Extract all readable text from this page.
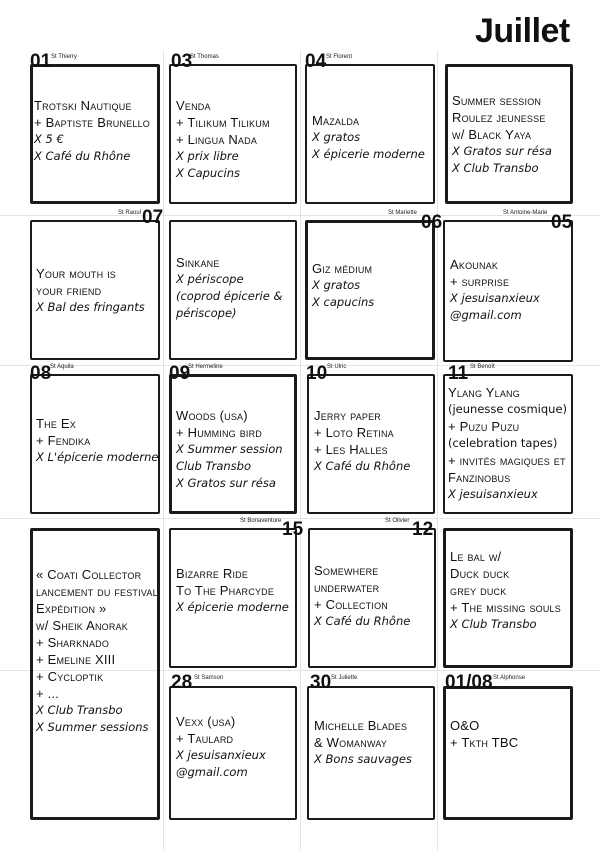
Juillet
01 St Thierry
Trotski Nautique
+ Baptiste Brunello
X 5 €
X Café du Rhône
03
St Thomas
Venda
+ Tilikum Tilikum
+ Lingua Nada
X prix libre
X Capucins
04 St Florent
Mazalda
X gratos
X épicerie moderne
Summer session
Roulez jeunesse
w/ Black Yaya
X Gratos sur résa
X Club Transbo
07
St Raoul
Your mouth is
your friend
X Bal des fringants
Sinkane
X périscope
(coprod épicerie &
périscope)
06
St Mariette
Giz médium
X gratos
X capucins
05
St Antoine-Marie
Akounak
+ surprise
X jesuisanxieux
@gmail.com
08
St Aquila
The Ex
+ Fendika
X L'épicerie moderne
09
St Hermeline
Woods (usa)
+ Humming bird
X Summer session
Club Transbo
X Gratos sur résa
10 St Ulric
Jerry paper
+ Loto Retina
+ Les Halles
X Café du Rhône
11 St Benoît
Ylang Ylang
(jeunesse cosmique)
+ Puzu Puzu
(celebration tapes)
+ invités magiques et
Fanzinobus
X jesuisanxieux
« Coati Collector
lancement du festival
Expédition »
w/ Sheik Anorak
+ Sharknado
+ Emeline XIII
+ Cycloptik
+ ...
X Club Transbo
X Summer sessions
15
St Bonaventure
Bizarre Ride
To The Pharcyde
X épicerie moderne
12
St Olivier
Somewhere
underwater
+ Collection
X Café du Rhône
Le bal w/
Duck duck
grey duck
+ The missing souls
X Club Transbo
28 St Samson
Vexx (usa)
+ Taulard
X jesuisanxieux
@gmail.com
30 St Juliette
Michelle Blades
& Womanway
X Bons sauvages
01/08 St Alphonse
O&O
+ Tkth TBC
